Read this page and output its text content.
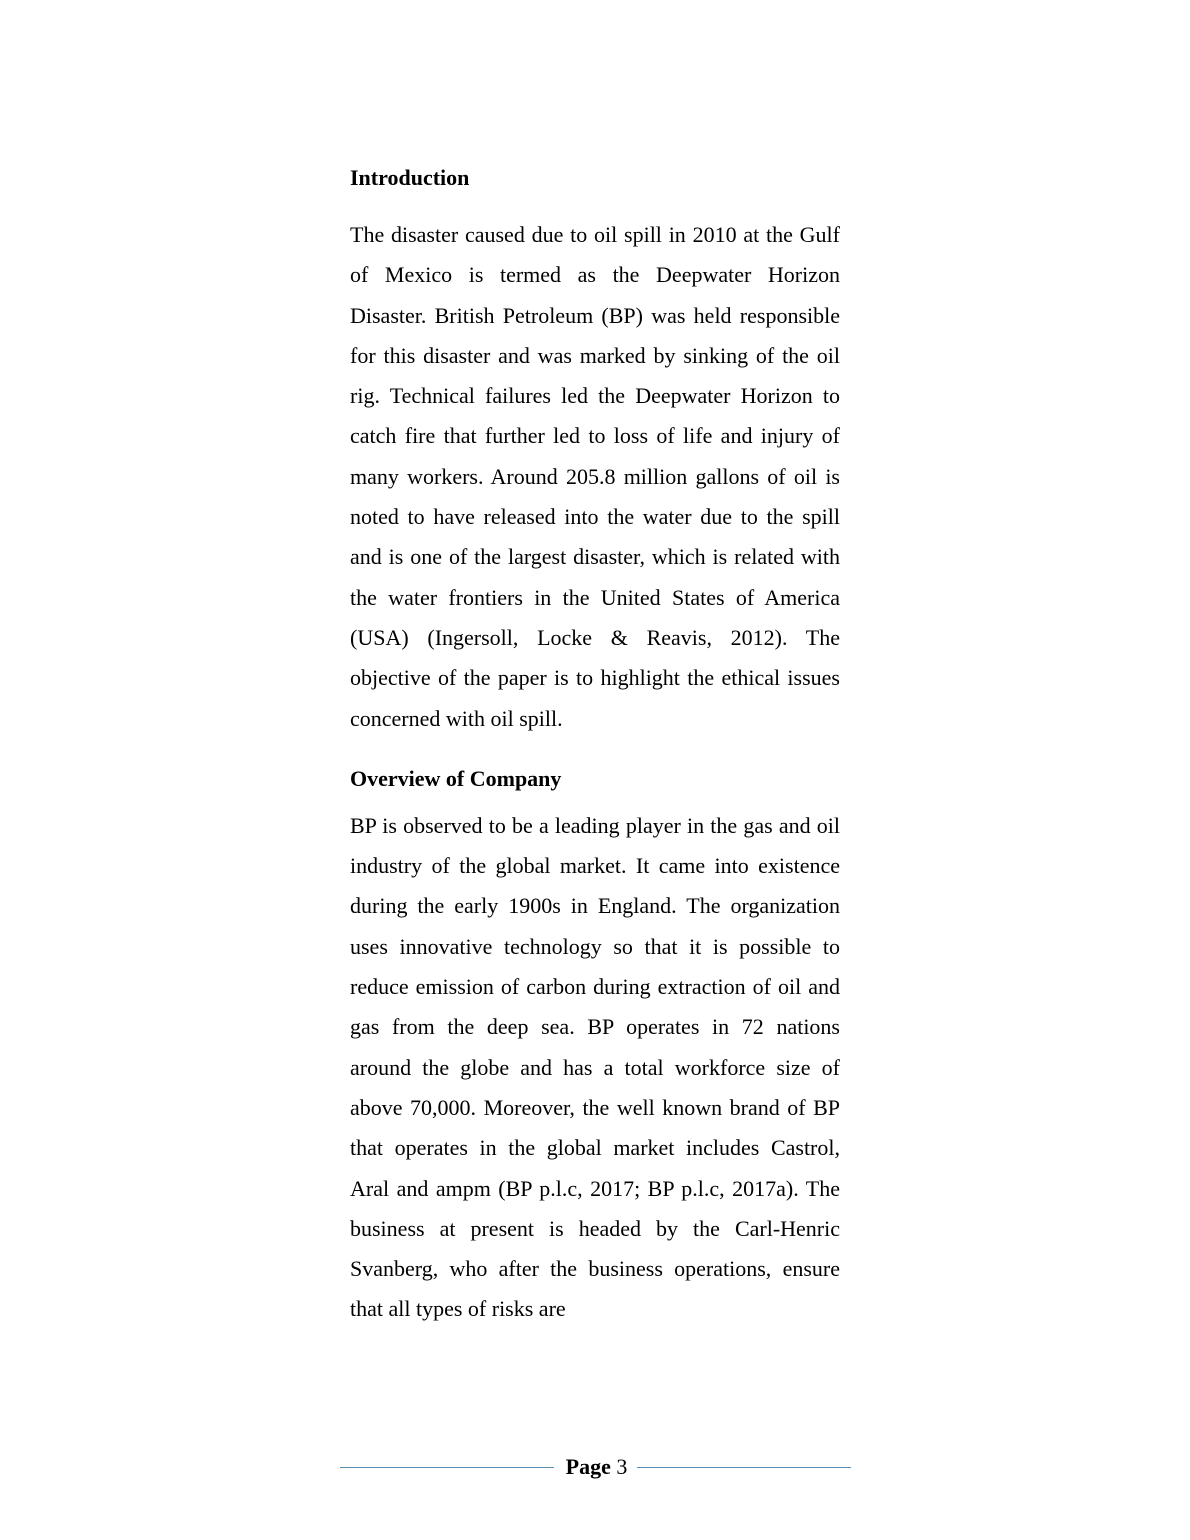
Introduction

The disaster caused due to oil spill in 2010 at the Gulf of Mexico is termed as the Deepwater Horizon Disaster. British Petroleum (BP) was held responsible for this disaster and was marked by sinking of the oil rig. Technical failures led the Deepwater Horizon to catch fire that further led to loss of life and injury of many workers. Around 205.8 million gallons of oil is noted to have released into the water due to the spill and is one of the largest disaster, which is related with the water frontiers in the United States of America (USA) (Ingersoll, Locke & Reavis, 2012). The objective of the paper is to highlight the ethical issues concerned with oil spill.

Overview of Company

BP is observed to be a leading player in the gas and oil industry of the global market. It came into existence during the early 1900s in England. The organization uses innovative technology so that it is possible to reduce emission of carbon during extraction of oil and gas from the deep sea. BP operates in 72 nations around the globe and has a total workforce size of above 70,000. Moreover, the well known brand of BP that operates in the global market includes Castrol, Aral and ampm (BP p.l.c, 2017; BP p.l.c, 2017a). The business at present is headed by the Carl-Henric Svanberg, who after the business operations, ensure that all types of risks are

Page 3
